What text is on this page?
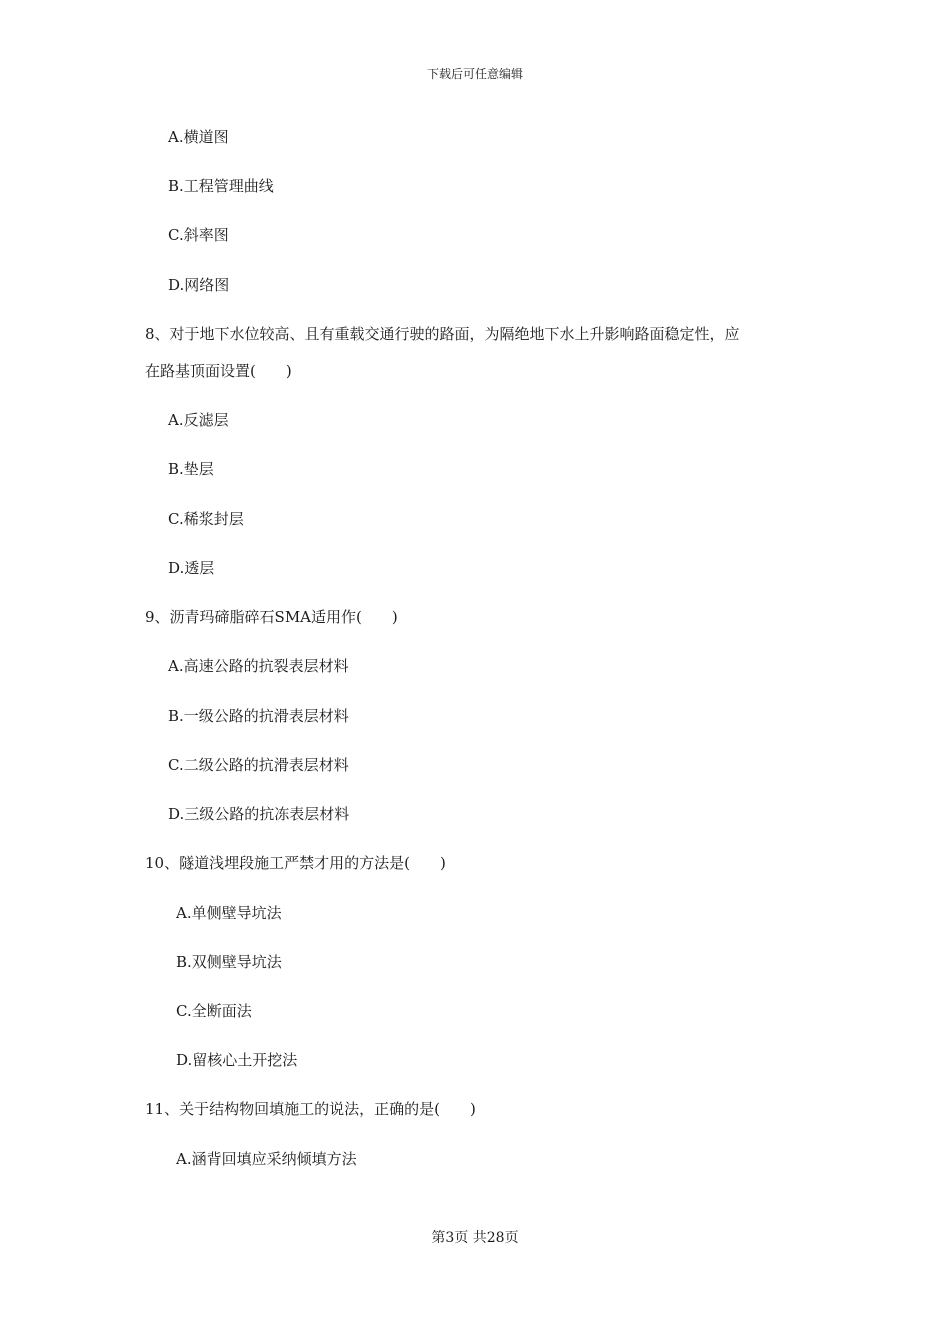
下载后可任意编辑
A.横道图
B.工程管理曲线
C.斜率图
D.网络图
8、对于地下水位较高、且有重载交通行驶的路面，为隔绝地下水上升影响路面稳定性，应
在路基顶面设置(　　)
A.反滤层
B.垫层
C.稀浆封层
D.透层
9、沥青玛碲脂碎石SMA适用作(　　)
A.高速公路的抗裂表层材料
B.一级公路的抗滑表层材料
C.二级公路的抗滑表层材料
D.三级公路的抗冻表层材料
10、隧道浅埋段施工严禁才用的方法是(　　)
A.单侧壁导坑法
B.双侧壁导坑法
C.全断面法
D.留核心土开挖法
11、关于结构物回填施工的说法，正确的是(　　)
A.涵背回填应采纳倾填方法
第3页 共28页
